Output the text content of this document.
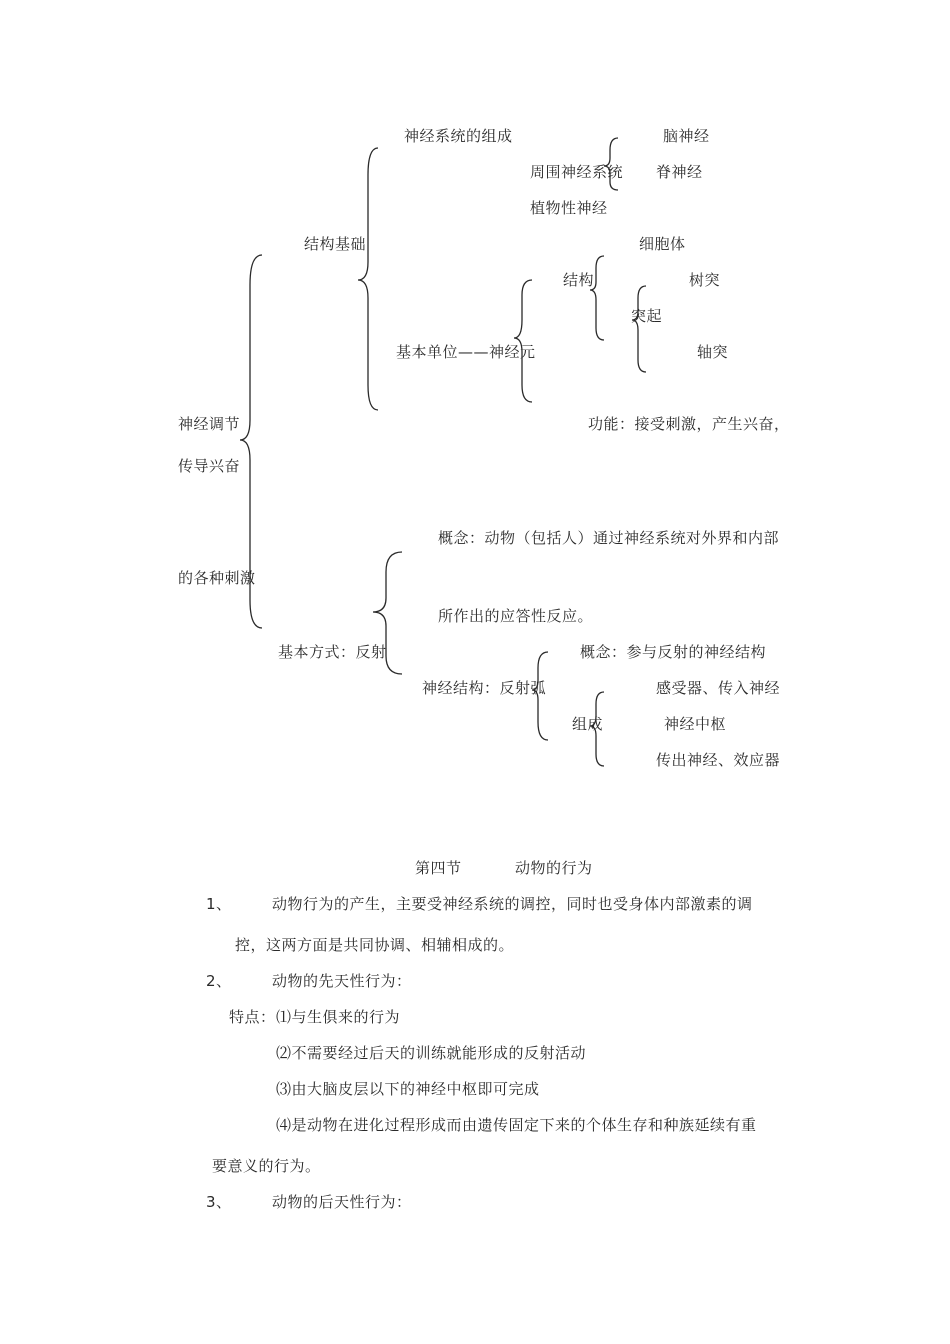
神经调节
传导兴奋
的各种刺激
结构基础
神经系统的组成
周围神经系统
脑神经
脊神经
植物性神经
细胞体
结构	树突
突起
基本单位——神经元	轴突
功能：接受刺激，产生兴奋，
概念：动物（包括人）通过神经系统对外界和内部
所作出的应答性反应。
基本方式：反射	概念：参与反射的神经结构
神经结构：反射弧	感受器、传入神经
组成	神经中枢
传出神经、效应器
第四节	动物的行为
1、	动物行为的产生，主要受神经系统的调控，同时也受身体内部激素的调
控，这两方面是共同协调、相辅相成的。
2、	动物的先天性行为：
特点： ⑴与生俱来的行为
⑵不需要经过后天的训练就能形成的反射活动
⑶由大脑皮层以下的神经中枢即可完成
⑷是动物在进化过程形成而由遗传固定下来的个体生存和种族延续有重
要意义的行为。
3、	动物的后天性行为：
